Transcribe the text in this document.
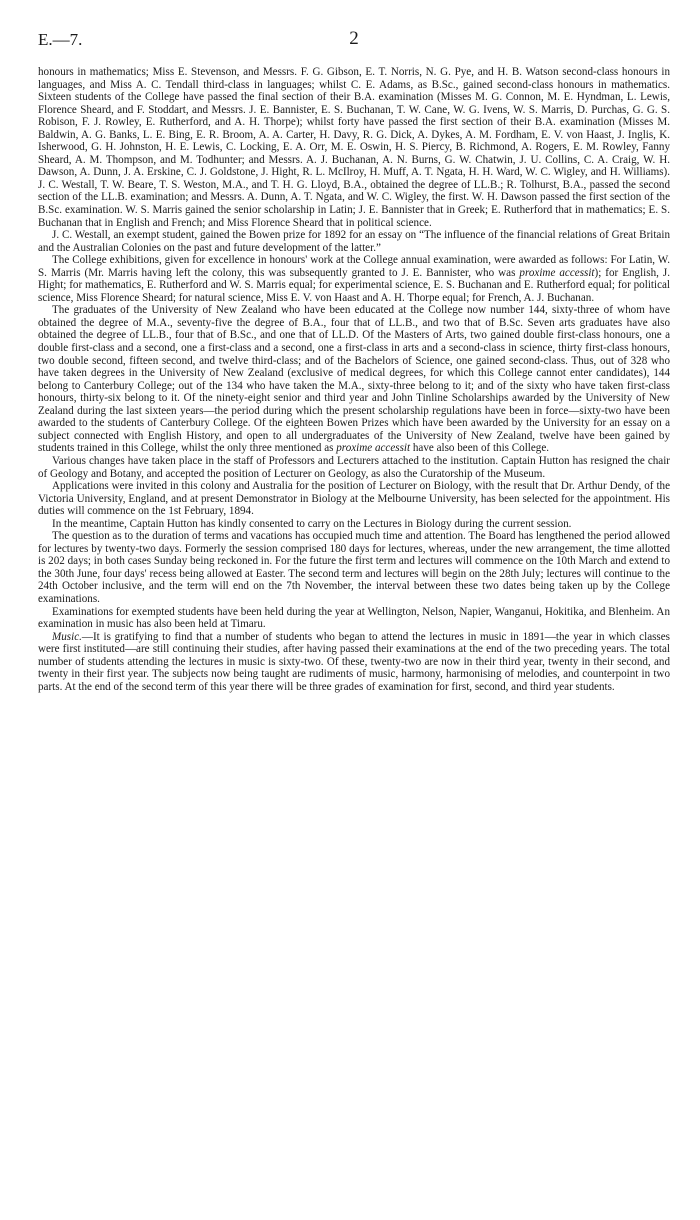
E.—7.	2

honours in mathematics; Miss E. Stevenson, and Messrs. F. G. Gibson, E. T. Norris, N. G. Pye, and H. B. Watson second-class honours in languages, and Miss A. C. Tendall third-class in languages; whilst C. E. Adams, as B.Sc., gained second-class honours in mathematics. Sixteen students of the College have passed the final section of their B.A. examination (Misses M. G. Connon, M. E. Hyndman, L. Lewis, Florence Sheard, and F. Stoddart, and Messrs. J. E. Bannister, E. S. Buchanan, T. W. Cane, W. G. Ivens, W. S. Marris, D. Purchas, G. G. S. Robison, F. J. Rowley, E. Rutherford, and A. H. Thorpe); whilst forty have passed the first section of their B.A. examination (Misses M. Baldwin, A. G. Banks, L. E. Bing, E. R. Broom, A. A. Carter, H. Davy, R. G. Dick, A. Dykes, A. M. Fordham, E. V. von Haast, J. Inglis, K. Isherwood, G. H. Johnston, H. E. Lewis, C. Locking, E. A. Orr, M. E. Oswin, H. S. Piercy, B. Richmond, A. Rogers, E. M. Rowley, Fanny Sheard, A. M. Thompson, and M. Todhunter; and Messrs. A. J. Buchanan, A. N. Burns, G. W. Chatwin, J. U. Collins, C. A. Craig, W. H. Dawson, A. Dunn, J. A. Erskine, C. J. Goldstone, J. Hight, R. L. McIlroy, H. Muff, A. T. Ngata, H. H. Ward, W. C. Wigley, and H. Williams). J. C. Westall, T. W. Beare, T. S. Weston, M.A., and T. H. G. Lloyd, B.A., obtained the degree of LL.B.; R. Tolhurst, B.A., passed the second section of the LL.B. examination; and Messrs. A. Dunn, A. T. Ngata, and W. C. Wigley, the first. W. H. Dawson passed the first section of the B.Sc. examination. W. S. Marris gained the senior scholarship in Latin; J. E. Bannister that in Greek; E. Rutherford that in mathematics; E. S. Buchanan that in English and French; and Miss Florence Sheard that in political science.

J. C. Westall, an exempt student, gained the Bowen prize for 1892 for an essay on “The influence of the financial relations of Great Britain and the Australian Colonies on the past and future development of the latter.”

The College exhibitions, given for excellence in honours' work at the College annual examination, were awarded as follows: For Latin, W. S. Marris (Mr. Marris having left the colony, this was subsequently granted to J. E. Bannister, who was proxime accessit); for English, J. Hight; for mathematics, E. Rutherford and W. S. Marris equal; for experimental science, E. S. Buchanan and E. Rutherford equal; for political science, Miss Florence Sheard; for natural science, Miss E. V. von Haast and A. H. Thorpe equal; for French, A. J. Buchanan.

The graduates of the University of New Zealand who have been educated at the College now number 144, sixty-three of whom have obtained the degree of M.A., seventy-five the degree of B.A., four that of LL.B., and two that of B.Sc. Seven arts graduates have also obtained the degree of LL.B., four that of B.Sc., and one that of LL.D. Of the Masters of Arts, two gained double first-class honours, one a double first-class and a second, one a first-class and a second, one a first-class in arts and a second-class in science, thirty first-class honours, two double second, fifteen second, and twelve third-class; and of the Bachelors of Science, one gained second-class. Thus, out of 328 who have taken degrees in the University of New Zealand (exclusive of medical degrees, for which this College cannot enter candidates), 144 belong to Canterbury College; out of the 134 who have taken the M.A., sixty-three belong to it; and of the sixty who have taken first-class honours, thirty-six belong to it. Of the ninety-eight senior and third year and John Tinline Scholarships awarded by the University of New Zealand during the last sixteen years—the period during which the present scholarship regulations have been in force—sixty-two have been awarded to the students of Canterbury College. Of the eighteen Bowen Prizes which have been awarded by the University for an essay on a subject connected with English History, and open to all undergraduates of the University of New Zealand, twelve have been gained by students trained in this College, whilst the only three mentioned as proxime accessit have also been of this College.

Various changes have taken place in the staff of Professors and Lecturers attached to the institution. Captain Hutton has resigned the chair of Geology and Botany, and accepted the position of Lecturer on Geology, as also the Curatorship of the Museum.

Applications were invited in this colony and Australia for the position of Lecturer on Biology, with the result that Dr. Arthur Dendy, of the Victoria University, England, and at present Demonstrator in Biology at the Melbourne University, has been selected for the appointment. His duties will commence on the 1st February, 1894.

In the meantime, Captain Hutton has kindly consented to carry on the Lectures in Biology during the current session.

The question as to the duration of terms and vacations has occupied much time and attention. The Board has lengthened the period allowed for lectures by twenty-two days. Formerly the session comprised 180 days for lectures, whereas, under the new arrangement, the time allotted is 202 days; in both cases Sunday being reckoned in. For the future the first term and lectures will commence on the 10th March and extend to the 30th June, four days' recess being allowed at Easter. The second term and lectures will begin on the 28th July; lectures will continue to the 24th October inclusive, and the term will end on the 7th November, the interval between these two dates being taken up by the College examinations.

Examinations for exempted students have been held during the year at Wellington, Nelson, Napier, Wanganui, Hokitika, and Blenheim. An examination in music has also been held at Timaru.

Music.—It is gratifying to find that a number of students who began to attend the lectures in music in 1891—the year in which classes were first instituted—are still continuing their studies, after having passed their examinations at the end of the two preceding years. The total number of students attending the lectures in music is sixty-two. Of these, twenty-two are now in their third year, twenty in their second, and twenty in their first year. The subjects now being taught are rudiments of music, harmony, harmonising of melodies, and counterpoint in two parts. At the end of the second term of this year there will be three grades of examination for first, second, and third year students.
